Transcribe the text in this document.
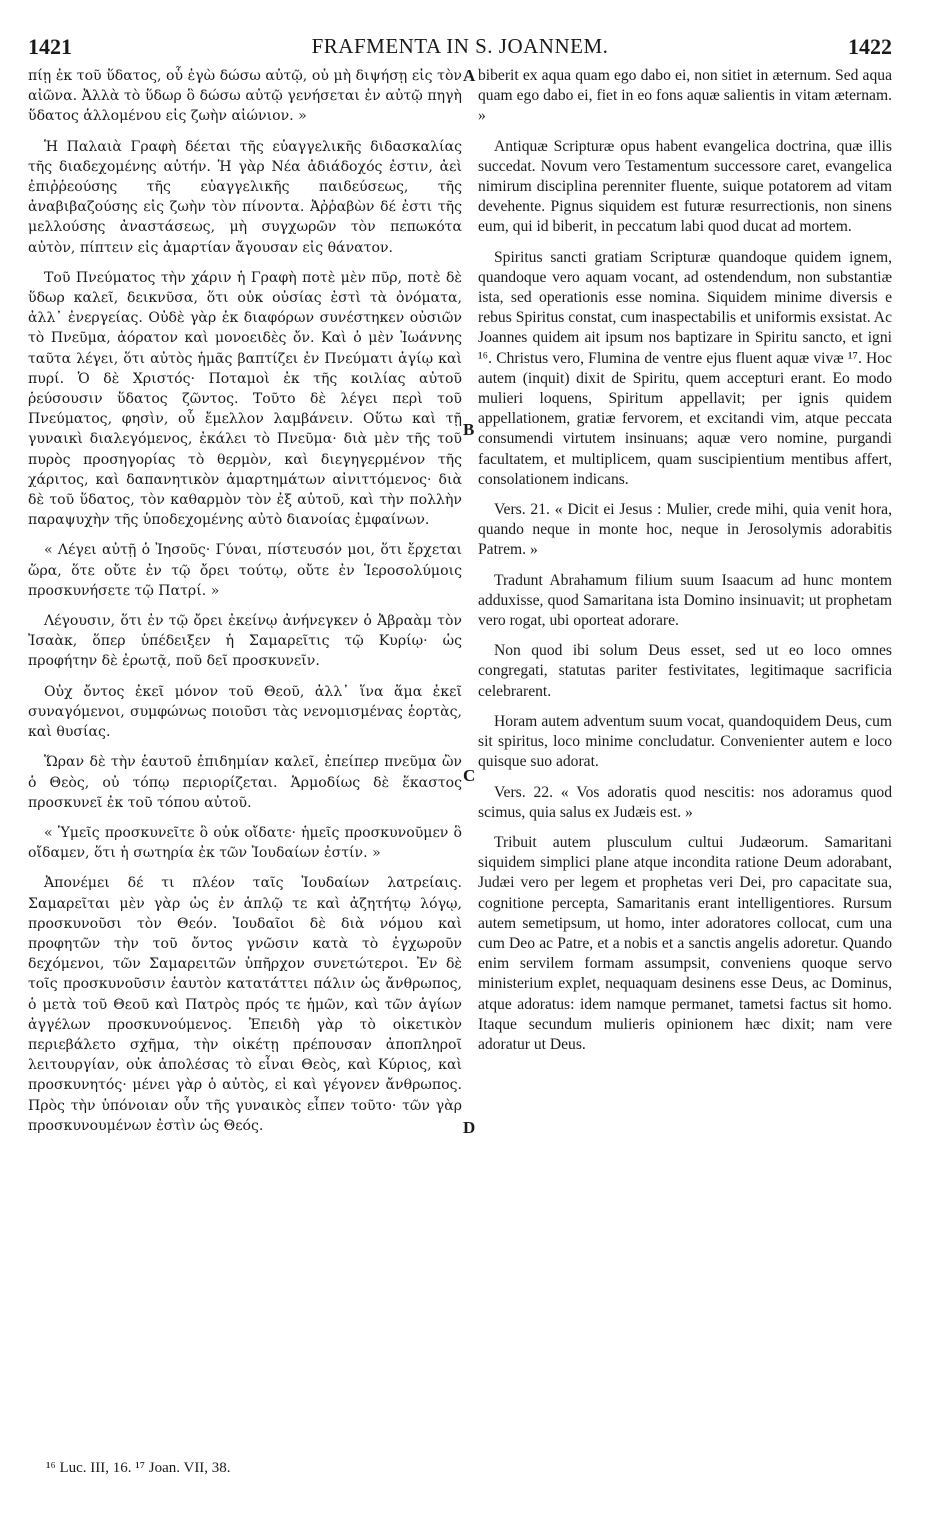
1421	FRAFMENTA IN S. JOANNEM.	1422

πίῃ ἐκ τοῦ ὕδατος, οὗ ἐγὼ δώσω αὐτῷ, οὐ μὴ διψήσῃ εἰς τὸν αἰῶνα. Ἀλλὰ τὸ ὕδωρ ὃ δώσω αὐτῷ γενήσεται ἐν αὐτῷ πηγὴ ὕδατος ἁλλομένου εἰς ζωὴν αἰώνιον. »

Ἡ Παλαιὰ Γραφὴ δέεται τῆς εὐαγγελικῆς διδασκαλίας τῆς διαδεχομένης αὐτήν. Ἡ γὰρ Νέα ἀδιάδοχός ἐστιν, ἀεὶ ἐπιῤῥεούσης τῆς εὐαγγελικῆς παιδεύσεως, τῆς ἀναβιβαζούσης εἰς ζωὴν τὸν πίνοντα. Ἀῤῥαβὼν δέ ἐστι τῆς μελλούσης ἀναστάσεως, μὴ συγχωρῶν τὸν πεπωκότα αὐτὸν, πίπτειν εἰς ἁμαρτίαν ἄγουσαν εἰς θάνατον.

Τοῦ Πνεύματος τὴν χάριν ἡ Γραφὴ ποτὲ μὲν πῦρ, ποτὲ δὲ ὕδωρ καλεῖ, δεικνῦσα, ὅτι οὐκ οὐσίας ἐστὶ τὰ ὀνόματα, ἀλλ᾿ ἐνεργείας. Οὐδὲ γὰρ ἐκ διαφόρων συνέστηκεν οὐσιῶν τὸ Πνεῦμα, ἀόρατον καὶ μονοειδὲς ὄν. Καὶ ὁ μὲν Ἰωάννης ταῦτα λέγει, ὅτι αὐτὸς ἡμᾶς βαπτίζει ἐν Πνεύματι ἁγίῳ καὶ πυρί. Ὁ δὲ Χριστός· Ποταμοὶ ἐκ τῆς κοιλίας αὐτοῦ ῥεύσουσιν ὕδατος ζῶντος. Τοῦτο δὲ λέγει περὶ τοῦ Πνεύματος, φησὶν, οὗ ἔμελλον λαμβάνειν. Οὕτω καὶ τῇ γυναικὶ διαλεγόμενος, ἐκάλει τὸ Πνεῦμα· διὰ μὲν τῆς τοῦ πυρὸς προσηγορίας τὸ θερμὸν, καὶ διεγηγερμένον τῆς χάριτος, καὶ δαπανητικὸν ἁμαρτημάτων αἰνιττόμενος· διὰ δὲ τοῦ ὕδατος, τὸν καθαρμὸν τὸν ἐξ αὐτοῦ, καὶ τὴν πολλὴν παραψυχὴν τῆς ὑποδεχομένης αὐτὸ διανοίας ἐμφαίνων.

« Λέγει αὐτῇ ὁ Ἰησοῦς· Γύναι, πίστευσόν μοι, ὅτι ἔρχεται ὥρα, ὅτε οὔτε ἐν τῷ ὄρει τούτῳ, οὔτε ἐν Ἱεροσολύμοις προσκυνήσετε τῷ Πατρί. »

Λέγουσιν, ὅτι ἐν τῷ ὄρει ἐκείνῳ ἀνήνεγκεν ὁ Ἀβραὰμ τὸν Ἰσαὰκ, ὅπερ ὑπέδειξεν ἡ Σαμαρεῖτις τῷ Κυρίῳ· ὡς προφήτην δὲ ἐρωτᾷ, ποῦ δεῖ προσκυνεῖν.

Οὐχ ὄντος ἐκεῖ μόνον τοῦ Θεοῦ, ἀλλ᾿ ἵνα ἅμα ἐκεῖ συναγόμενοι, συμφώνως ποιοῦσι τὰς νενομισμένας ἑορτὰς, καὶ θυσίας.

Ὥραν δὲ τὴν ἑαυτοῦ ἐπιδημίαν καλεῖ, ἐπείπερ πνεῦμα ὢν ὁ Θεὸς, οὐ τόπῳ περιορίζεται. Ἁρμοδίως δὲ ἕκαστος προσκυνεῖ ἐκ τοῦ τόπου αὐτοῦ.

« Ὑμεῖς προσκυνεῖτε ὃ οὐκ οἴδατε· ἡμεῖς προσκυνοῦμεν ὃ οἴδαμεν, ὅτι ἡ σωτηρία ἐκ τῶν Ἰουδαίων ἐστίν. »

Ἀπονέμει δέ τι πλέον ταῖς Ἰουδαίων λατρείαις. Σαμαρεῖται μὲν γὰρ ὡς ἐν ἁπλῷ τε καὶ ἀζητήτῳ λόγῳ, προσκυνοῦσι τὸν Θεόν. Ἰουδαῖοι δὲ διὰ νόμου καὶ προφητῶν τὴν τοῦ ὄντος γνῶσιν κατὰ τὸ ἐγχωροῦν δεχόμενοι, τῶν Σαμαρειτῶν ὑπῆρχον συνετώτεροι. Ἐν δὲ τοῖς προσκυνοῦσιν ἑαυτὸν κατατάττει πάλιν ὡς ἄνθρωπος, ὁ μετὰ τοῦ Θεοῦ καὶ Πατρὸς πρός τε ἡμῶν, καὶ τῶν ἁγίων ἀγγέλων προσκυνούμενος. Ἐπειδὴ γὰρ τὸ οἰκετικὸν περιεβάλετο σχῆμα, τὴν οἰκέτῃ πρέπουσαν ἀποπληροῖ λειτουργίαν, οὐκ ἀπολέσας τὸ εἶναι Θεὸς, καὶ Κύριος, καὶ προσκυνητός· μένει γὰρ ὁ αὐτὸς, εἰ καὶ γέγονεν ἄνθρωπος. Πρὸς τὴν ὑπόνοιαν οὖν τῆς γυναικὸς εἶπεν τοῦτο· τῶν γὰρ προσκυνουμένων ἐστὶν ὡς Θεός.

biberit ex aqua quam ego dabo ei, non sitiet in æternum. Sed aqua quam ego dabo ei, fiet in eo fons aquæ salientis in vitam æternam. »

Antiquæ Scripturæ opus habent evangelica doctrina, quæ illis succedat. Novum vero Testamentum successore caret, evangelica nimirum disciplina perenniter fluente, suique potatorem ad vitam devehente. Pignus siquidem est futuræ resurrectionis, non sinens eum, qui id biberit, in peccatum labi quod ducat ad mortem.

Spiritus sancti gratiam Scripturæ quandoque quidem ignem, quandoque vero aquam vocant, ad ostendendum, non substantiæ ista, sed operationis esse nomina. Siquidem minime diversis e rebus Spiritus constat, cum inaspectabilis et uniformis exsistat. Ac Joannes quidem ait ipsum nos baptizare in Spiritu sancto, et igni ¹⁶. Christus vero, Flumina de ventre ejus fluent aquæ vivæ ¹⁷. Hoc autem (inquit) dixit de Spiritu, quem accepturi erant. Eo modo mulieri loquens, Spiritum appellavit; per ignis quidem appellationem, gratiæ fervorem, et excitandi vim, atque peccata consumendi virtutem insinuans; aquæ vero nomine, purgandi facultatem, et multiplicem, quam suscipientium mentibus affert, consolationem indicans.

Vers. 21. « Dicit ei Jesus : Mulier, crede mihi, quia venit hora, quando neque in monte hoc, neque in Jerosolymis adorabitis Patrem. »

Tradunt Abrahamum filium suum Isaacum ad hunc montem adduxisse, quod Samaritana ista Domino insinuavit; ut prophetam vero rogat, ubi oporteat adorare.

Non quod ibi solum Deus esset, sed ut eo loco omnes congregati, statutas pariter festivitates, legitimaque sacrificia celebrarent.

Horam autem adventum suum vocat, quandoquidem Deus, cum sit spiritus, loco minime concludatur. Convenienter autem e loco quisque suo adorat.

Vers. 22. « Vos adoratis quod nescitis: nos adoramus quod scimus, quia salus ex Judæis est. »

Tribuit autem plusculum cultui Judæorum. Samaritani siquidem simplici plane atque incondita ratione Deum adorabant, Judæi vero per legem et prophetas veri Dei, pro capacitate sua, cognitione percepta, Samaritanis erant intelligentiores. Rursum autem semetipsum, ut homo, inter adoratores collocat, cum una cum Deo ac Patre, et a nobis et a sanctis angelis adoretur. Quando enim servilem formam assumpsit, conveniens quoque servo ministerium explet, nequaquam desinens esse Deus, ac Dominus, atque adoratus: idem namque permanet, tametsi factus sit homo. Itaque secundum mulieris opinionem hæc dixit; nam vere adoratur ut Deus.

A
B
C
D
¹⁶ Luc. III, 16. ¹⁷ Joan. VII, 38.
